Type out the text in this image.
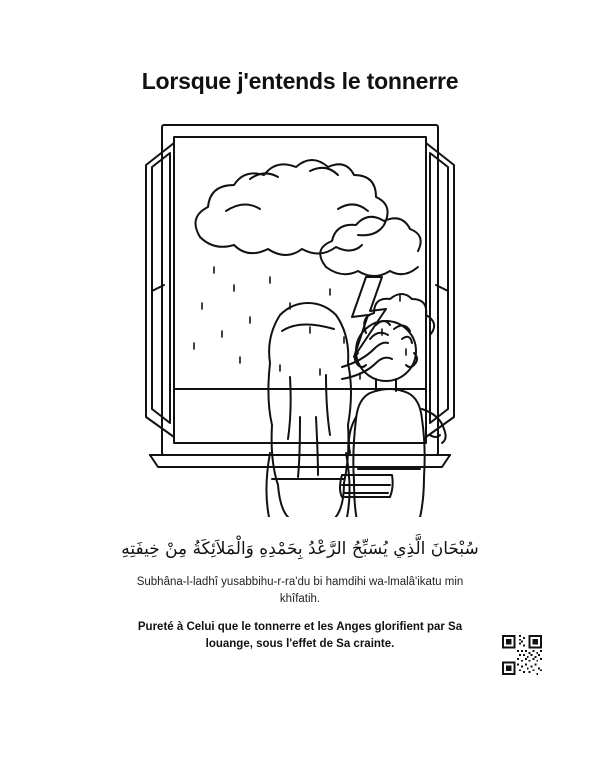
Lorsque j'entends le tonnerre
سُبْحَانَ الَّذِي يُسَبِّحُ الرَّعْدُ بِحَمْدِهِ وَالْمَلاَئِكَةُ مِنْ خِيفَتِهِ
Subhâna-l-ladhî yusabbihu-r-ra'du bi hamdihi wa-lmalâ'ikatu min khîfatih.
Pureté à Celui que le tonnerre et les Anges glorifient par Sa louange, sous l'effet de Sa crainte.
